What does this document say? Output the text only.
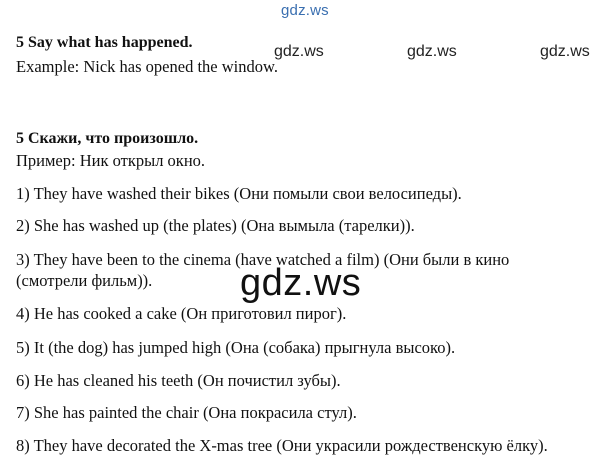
gdz.ws
gdz.ws	gdz.ws	gdz.ws
5 Say what has happened.
Example: Nick has opened the window.
5 Скажи, что произошло.
Пример: Ник открыл окно.
1) They have washed their bikes (Они помыли свои велосипеды).
2) She has washed up (the plates) (Она вымыла (тарелки)).
3) They have been to the cinema (have watched a film) (Они были в кино
(смотрели фильм)).
4) He has cooked a cake (Он приготовил пирог).
5) It (the dog) has jumped high (Она (собака) прыгнула высоко).
6) He has cleaned his teeth (Он почистил зубы).
7) She has painted the chair (Она покрасила стул).
8) They have decorated the X-mas tree (Они украсили рождественскую ёлку).
gdz.ws
